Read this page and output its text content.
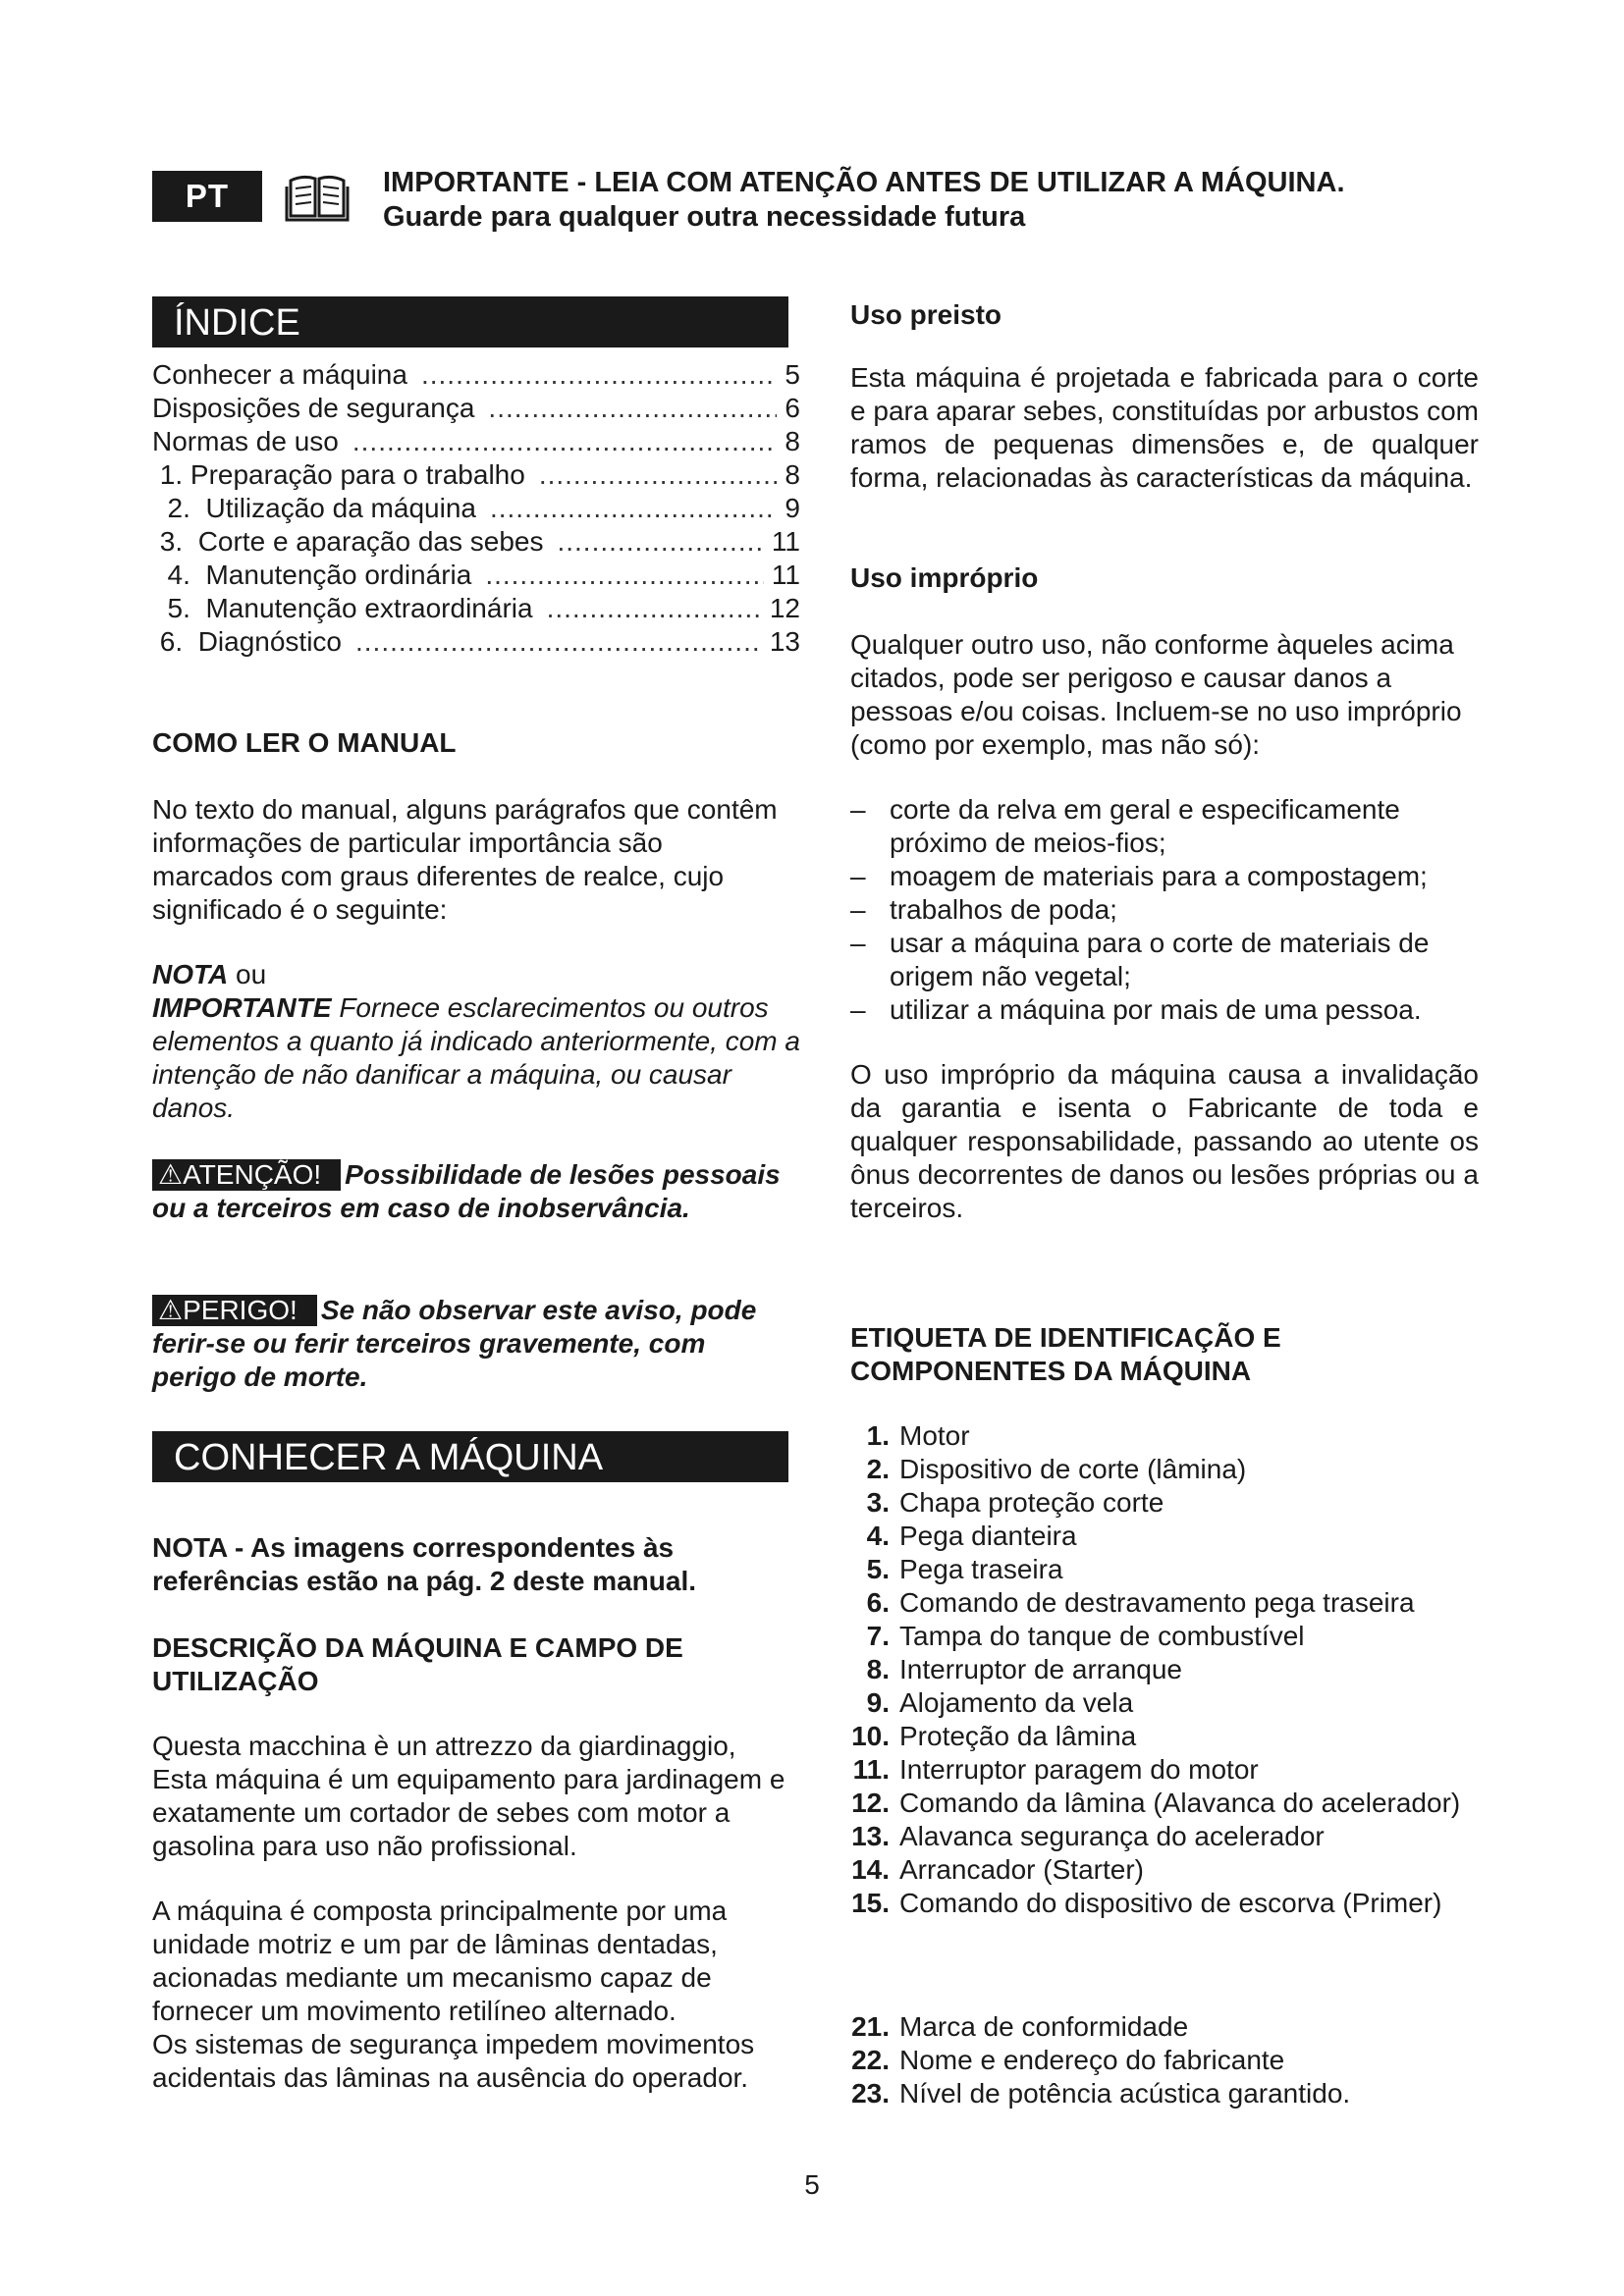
PT	IMPORTANTE - LEIA COM ATENÇÃO ANTES DE UTILIZAR A MÁQUINA.
Guarde para qualquer outra necessidade futura
ÍNDICE
Conhecer a máquina .....	5
Disposições de segurança .....	6
Normas de uso .....	8
1. Preparação para o trabalho .....	8
2.  Utilização da máquina .....	9
3.  Corte e aparação das sebes .....	11
4.  Manutenção ordinária .....	11
5.  Manutenção extraordinária .....	12
6.  Diagnóstico .....	13
COMO LER O MANUAL
No texto do manual, alguns parágrafos que contêm informações de particular importância são marcados com graus diferentes de realce, cujo significado é o seguinte:
NOTA ou
IMPORTANTE Fornece esclarecimentos ou outros elementos a quanto já indicado anteriormente, com a intenção de não danificar a máquina, ou causar danos.
⚠ATENÇÃO! Possibilidade de lesões pessoais ou a terceiros em caso de inobservância.
⚠PERIGO! Se não observar este aviso, pode ferir-se ou ferir terceiros gravemente, com perigo de morte.
CONHECER A MÁQUINA
NOTA - As imagens correspondentes às referências estão na pág. 2 deste manual.
DESCRIÇÃO DA MÁQUINA E CAMPO DE UTILIZAÇÃO
Questa macchina è un attrezzo da giardinaggio, Esta máquina é um equipamento para jardinagem e exatamente um cortador de sebes com motor a gasolina para uso não profissional.
A máquina é composta principalmente por uma unidade motriz e um par de lâminas dentadas, acionadas mediante um mecanismo capaz de fornecer um movimento retilíneo alternado.
Os sistemas de segurança impedem movimentos acidentais das lâminas na ausência do operador.
Uso preisto
Esta máquina é projetada e fabricada para o corte e para aparar sebes, constituídas por arbustos com ramos de pequenas dimensões e, de qualquer forma, relacionadas às características da máquina.
Uso impróprio
Qualquer outro uso, não conforme àqueles acima citados, pode ser perigoso e causar danos a pessoas e/ou coisas. Incluem-se no uso impróprio (como por exemplo, mas não só):
– corte da relva em geral e especificamente próximo de meios-fios;
– moagem de materiais para a compostagem;
– trabalhos de poda;
– usar a máquina para o corte de materiais de origem não vegetal;
– utilizar a máquina por mais de uma pessoa.
O uso impróprio da máquina causa a invalidação da garantia e isenta o Fabricante de toda e qualquer responsabilidade, passando ao utente os ônus decorrentes de danos ou lesões próprias ou a terceiros.
ETIQUETA DE IDENTIFICAÇÃO E COMPONENTES DA MÁQUINA
1. Motor
2. Dispositivo de corte (lâmina)
3. Chapa proteção corte
4. Pega dianteira
5. Pega traseira
6. Comando de destravamento pega traseira
7. Tampa do tanque de combustível
8. Interruptor de arranque
9. Alojamento da vela
10. Proteção da lâmina
11. Interruptor paragem do motor
12. Comando da lâmina (Alavanca do acelerador)
13. Alavanca segurança do acelerador
14. Arrancador (Starter)
15. Comando do dispositivo de escorva (Primer)
21. Marca de conformidade
22. Nome e endereço do fabricante
23. Nível de potência acústica garantido.
5
